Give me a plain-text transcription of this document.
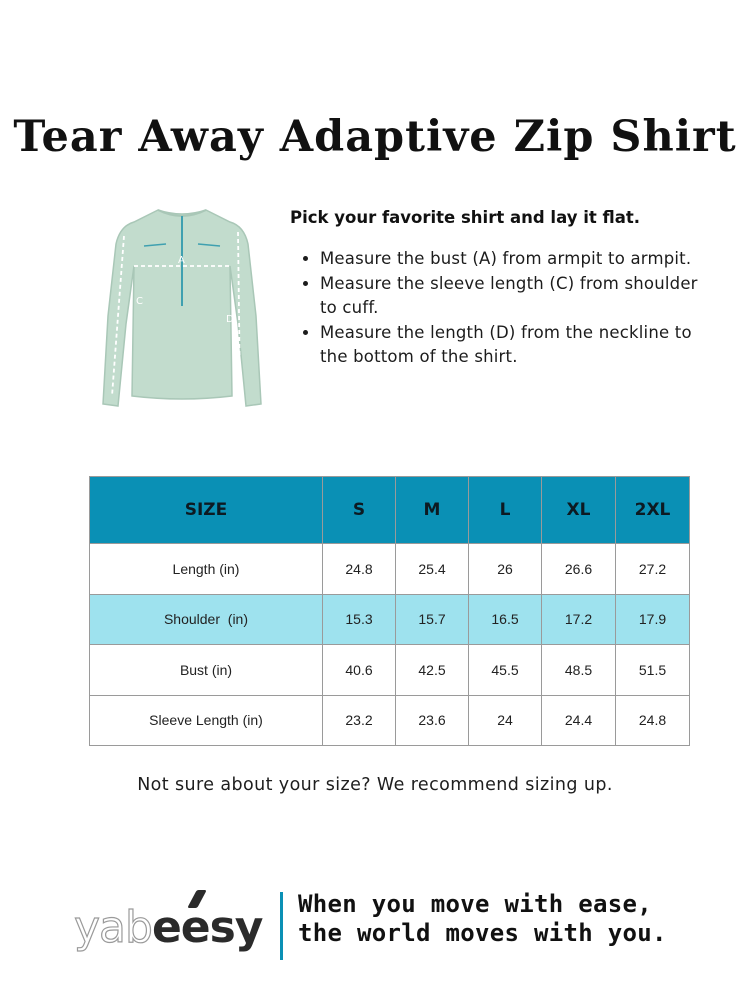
Tear Away Adaptive Zip Shirt
A
C
D

Pick your favorite shirt and lay it flat.

• Measure the bust (A) from armpit to armpit.
• Measure the sleeve length (C) from shoulder to cuff.
• Measure the length (D) from the neckline to the bottom of the shirt.
SIZE	S	M	L	XL	2XL
Length (in)	24.8	25.4	26	26.6	27.2
Shoulder  (in)	15.3	15.7	16.5	17.2	17.9
Bust (in)	40.6	42.5	45.5	48.5	51.5
Sleeve Length (in)	23.2	23.6	24	24.4	24.8
Not sure about your size? We recommend sizing up.
yabeesy When you move with ease,
the world moves with you.
